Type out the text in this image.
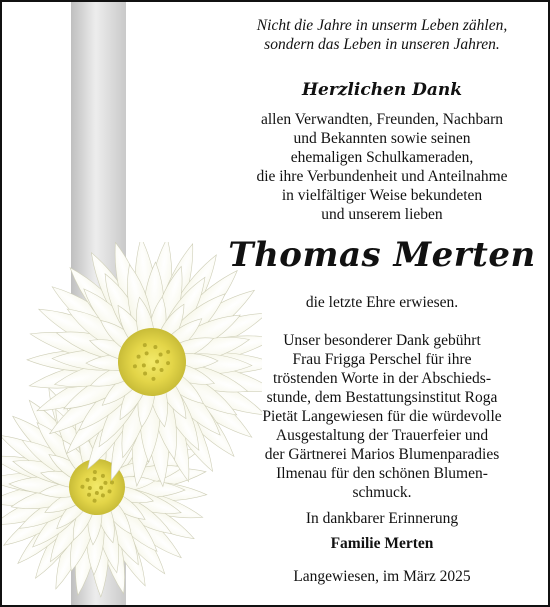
Nicht die Jahre in unserm Leben zählen,
sondern das Leben in unseren Jahren.
Herzlichen Dank
allen Verwandten, Freunden, Nachbarn
und Bekannten sowie seinen
ehemaligen Schulkameraden,
die ihre Verbundenheit und Anteilnahme
in vielfältiger Weise bekundeten
und unserem lieben
Thomas Merten
die letzte Ehre erwiesen.
Unser besonderer Dank gebührt
Frau Frigga Perschel für ihre
tröstenden Worte in der Abschieds-
stunde, dem Bestattungsinstitut Roga
Pietät Langewiesen für die würdevolle
Ausgestaltung der Trauerfeier und
der Gärtnerei Marios Blumenparadies
Ilmenau für den schönen Blumen-
schmuck.
In dankbarer Erinnerung
Familie Merten
Langewiesen, im März 2025
